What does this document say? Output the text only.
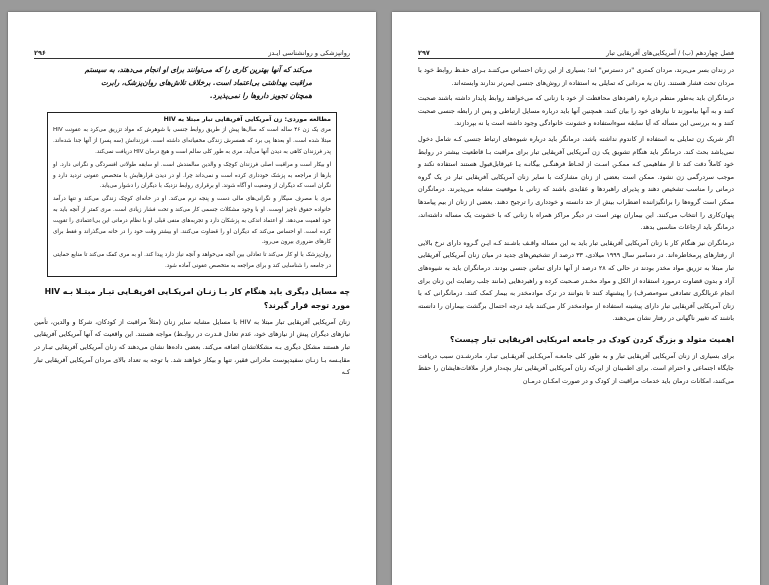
روانپزشکی و روانشناسی ایـدز
۲۹۶

می‌کند که آنها بهترین کاری را که می‌توانند برای او انجام می‌دهند، به سیستم

مراقبت بهداشتی بی‌اعتماد است. برخلاف تلاش‌های روان‌پزشک، رابرت

همچنان تجویز داروها را نمی‌پذیرد.

مطالعه موردی: زن آمریکایی آفریقایی تبار مبتلا به HIV

مری یک زن ۴۶ ساله است که سال‌ها پیش از طریق روابط جنسی با شوهرش که مواد تزریق می‌کرد به عفونت HIV مبتلا شده است. او بعدها پی برد که همسرش زندگی مخفیانه‌ای داشته است. فرزندانش (سه پسر) از آنها جدا شده‌اند. پدر فرزندان کاهی به دیدن آنها می‌آید. مری به طور کلی سالم است و هیچ درمان HIV دریافت نمی‌کند.

او بیکار است و مراقبت اصلی فرزندان کوچک و والدین سالمندش است. او سابقه طولانی افسردگی و نگرانی دارد. او بارها از مراجعه به پزشک خودداری کرده است و نمی‌داند چرا. او در دیدن قرارهایش با متخصص عفونی تردید دارد و نگران است که دیگران از وضعیت او آگاه شوند. او برقراری روابط نزدیک با دیگران را دشوار می‌یابد.

مری با مصرف سیگار و نگرانی‌های مالی دست و پنجه نرم می‌کند. او در خانه‌ای کوچک زندگی می‌کند و تنها درآمد خانواده حقوق ناچیز اوست. او با وجود مشکلات جسمی کار می‌کند و تحت فشار زیادی است. مری کمتر از آنچه باید به خود اهمیت می‌دهد. او اعتماد اندکی به پزشکان دارد و تجربه‌های منفی قبلی او با نظام درمانی این بی‌اعتمادی را تقویت کرده است. او احساس می‌کند که دیگران او را قضاوت می‌کنند. او بیشتر وقت خود را در خانه می‌گذراند و فقط برای کارهای ضروری بیرون می‌رود.

روان‌پزشک با او کار می‌کند تا تعادلی بین آنچه می‌خواهد و آنچه نیاز دارد پیدا کند. او به مری کمک می‌کند تا منابع حمایتی در جامعه را شناسایی کند و برای مراجعه به متخصص عفونی آماده شود.

چه مسایل دیگری باید هنگام کار بـا زنـان امریکـایی افریقـایی تبـار مبتـلا بـه HIV مورد توجه قرار گیرند؟

زنان آمریکایی آفریقایی تبار مبتلا به HIV با مسایل مشابه سایر زنان (مثلاً مراقبت از کودکان، شرکا و والدین، تأمین نیازهای دیگران پیش از نیازهای خود، عدم تعادل قـدرت در روابـط) مواجه هستند. این واقعیت که آنها آمریکایی آفریقایی تبار هستند مشکل دیگری بـه مشکلاتشان اضافه می‌کند. بعضی داده‌ها نشان می‌دهند که زنان آمریکایی آفریقایی تبـار در مقایـسه بـا زنـان سفیدپوست مادرانی فقیر، تنها و بیکار خواهند شد. با توجه به تعداد بالای مردان آمریکایی آفریقایی تبار کـه

فصل چهاردهم (ب) / آمریکایی‌های آفریقایی تبار
۲۹۷

در زندان بسر می‌برند، مردان کمتری "در دسترس" اند؛ بسیاری از این زنان احساس می‌کننـد بـرای حفـظ روابط خود با مردان تحت فشار هستند. زنان به مردانی که تمایلی به استفاده از روش‌های جنسی ایمن‌تر ندارند وابسته‌اند.

درمانگران باید به‌طور منظم درباره راهبردهای محافظت از خود با زنانی که می‌خواهند روابط پایدار داشته باشند صحبت کنند و به آنها بیاموزند تا نیازهای خود را بیان کنند. همچنین آنها باید درباره مسایل ارتباطی و پس از رابطه جنسی صحبت کنند و به بررسی این مسأله که آیا سابقه سوءاستفاده و خشونت خانوادگی وجود داشته است یا نه بپردازند.

اگر شریک زن تمایلی به استفاده از کاندوم نداشته باشد، درمانگر باید درباره شیوه‌های ارتباط جنسی کـه شامل دخول نمی‌باشد بحث کند. درمانگر باید هنگام تشویق یک زن آمریکایی آفریقایی تبار برای مراقبت بـا قاطعیت بیشتر در روابط خود کاملاً دقت کند تا از مفاهیمی کـه ممکـن اسـت از لحـاظ فرهنگـی بیگانـه یـا غیرقابل‌قبول هستند استفاده نکند و موجب سردرگمی زن نشود. ممکن است بعضی از زنان مشارکت با سایر زنان آمریکایی آفریقایی تبار در یک گروه درمانی را مناسب تشخیص دهند و پذیرای راهبردها و عقایدی باشند که زنانی با موقعیت مشابه می‌پذیرند. درمانگران ممکن است گروه‌ها را برانگیزاننده اضطراب بیش از حد دانسته و خودداری را ترجیح دهند. بعضی از زنان از بیم پیامدها پنهان‌کاری را انتخاب می‌کنند. این بیماران بهتر است در دیگر مراکز همراه با زنانی که با خشونت یک مساله داشته‌اند، درمانگر باید ارجاعات مناسبی بدهد.

درمانگران نیز هنگام کار با زنان آمریکایی آفریقایی تبار باید به این مساله واقـف باشـند کـه ایـن گـروه دارای نرخ بالایی از رفتارهای پرمخاطره‌اند. در دسامبر سال ۱۹۹۹ میلادی، ۳۳ درصد از تشخیص‌های جدید در میان زنان آمریکایی آفریقایی تبار مبتلا به تزریق مواد مخدر بودند در حالی که ۲۸ درصد از آنها دارای تماس جنسی بودند. درمانگران باید به شیوه‌های آزاد و بدون قضاوت درمورد استفاده از الکل و مواد مخـدر صـحبت کرده و راهبردهایی (مانند جلب رضایت این زنان برای انجام غربالگری تصادفی سوءمصرف) را پیشنهاد کنند تا بتوانند در ترک موادمخدر به بیمار کمک کنند. درمانگرانی که با زنان آمریکایی آفریقایی تبار دارای پیشینه استفاده از موادمخدر کار می‌کنند باید درجه احتمال برگشت بیماران را دانسته باشند که تغییر ناگهانی در رفتار نشان می‌دهند.

اهمیت متولد و بزرگ کردن کودک در جامعه امریکایی افریقایی تبار چیست؟

برای بسیاری از زنان آمریکایی آفریقایی تبار و به طور کلی جامعـه آمریکـایی آفریقـایی تبـار، مادرشـدن سبب دریافت جایگاه اجتماعی و احترام است. برای اطمینان از این‌که زنان آمریکایی آفریقایی تبار بچه‌دار قرار ملاقات‌هایشان را حفظ می‌کنند، امکانات درمان باید خدمات مراقبت از کودک و در صورت امکـان درمـان
